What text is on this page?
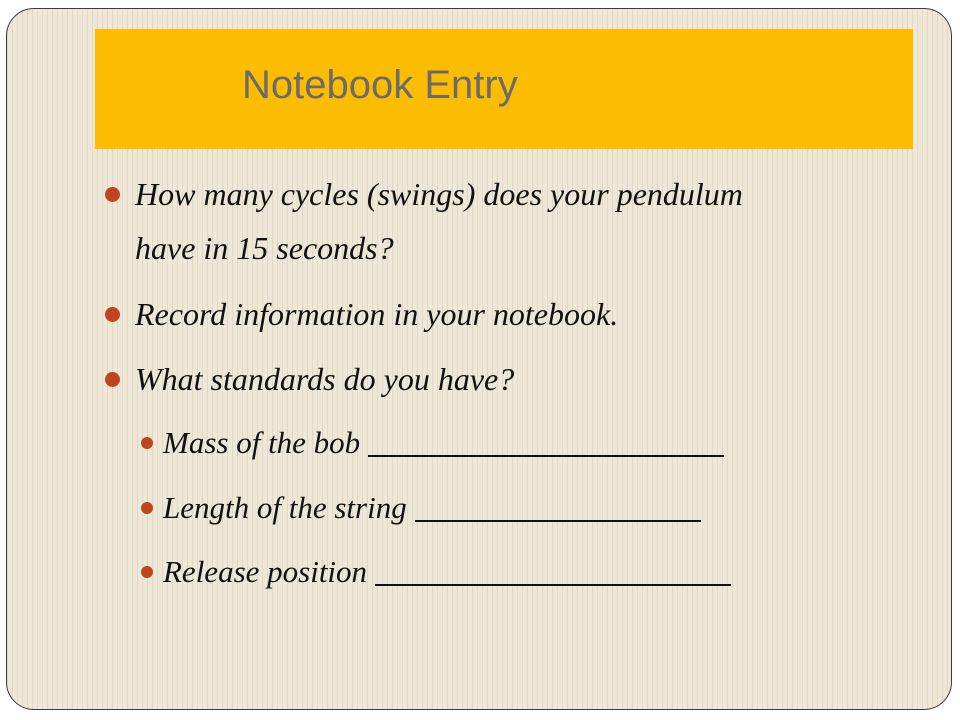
Notebook Entry
How many cycles (swings) does your pendulum
have in 15 seconds?
Record information in your notebook.
What standards do you have?
Mass of the bob
Length of the string
Release position
